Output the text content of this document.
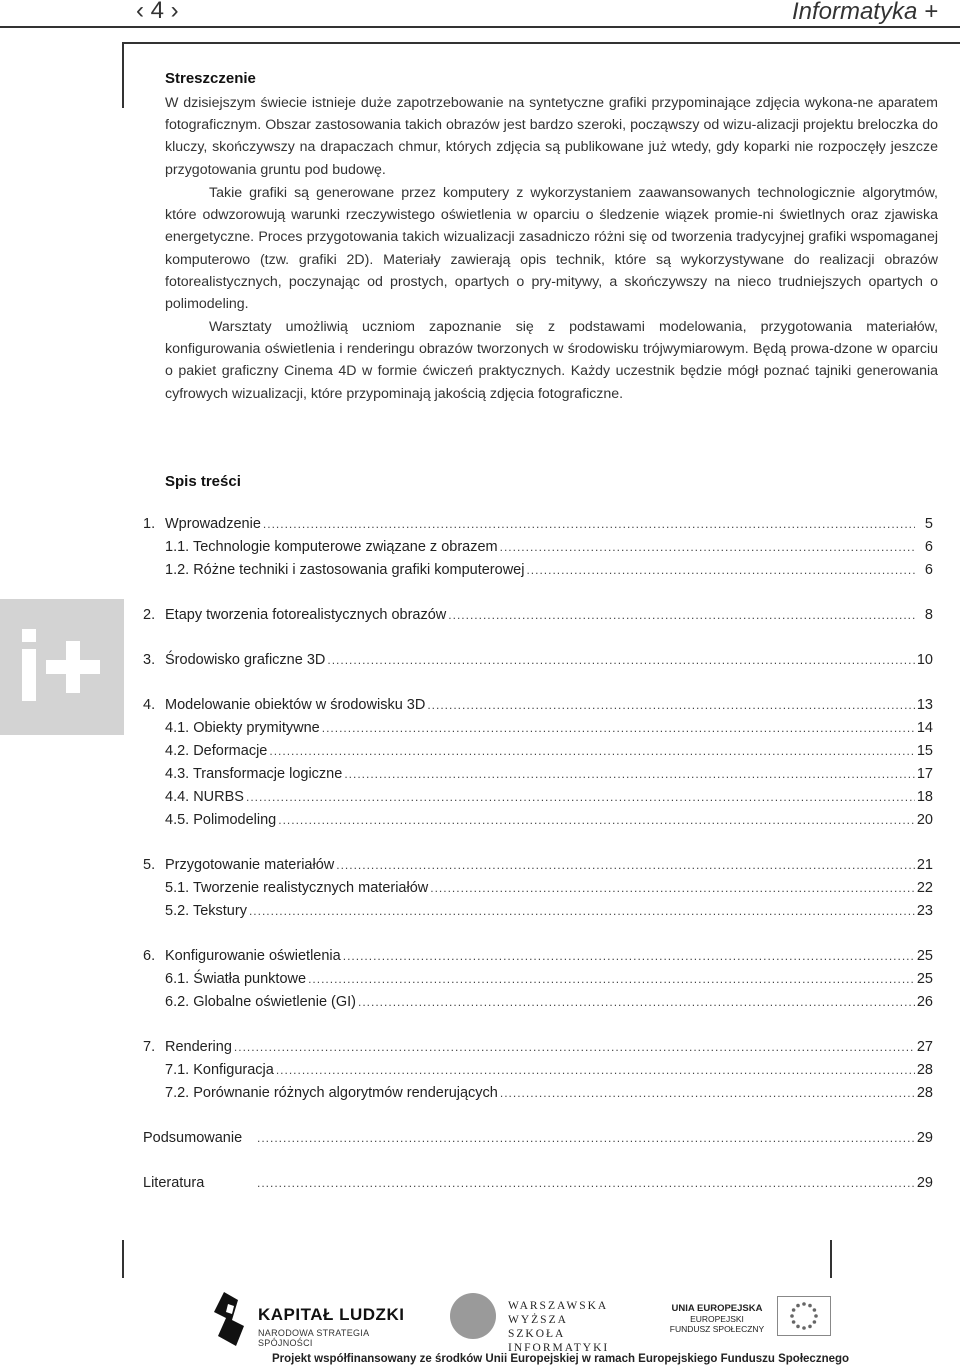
‹ 4 ›	Informatyka +
Streszczenie

W dzisiejszym świecie istnieje duże zapotrzebowanie na syntetyczne grafiki przypominające zdjęcia wykona-ne aparatem fotograficznym. Obszar zastosowania takich obrazów jest bardzo szeroki, począwszy od wizu-alizacji projektu breloczka do kluczy, skończywszy na drapaczach chmur, których zdjęcia są publikowane już wtedy, gdy koparki nie rozpoczęły jeszcze przygotowania gruntu pod budowę.

Takie grafiki są generowane przez komputery z wykorzystaniem zaawansowanych technologicznie algorytmów, które odwzorowują warunki rzeczywistego oświetlenia w oparciu o śledzenie wiązek promie-ni świetlnych oraz zjawiska energetyczne. Proces przygotowania takich wizualizacji zasadniczo różni się od tworzenia tradycyjnej grafiki wspomaganej komputerowo (tzw. grafiki 2D). Materiały zawierają opis technik, które są wykorzystywane do realizacji obrazów fotorealistycznych, poczynając od prostych, opartych o pry-mitywy, a skończywszy na nieco trudniejszych opartych o polimodeling.

Warsztaty umożliwią uczniom zapoznanie się z podstawami modelowania, przygotowania materiałów, konfigurowania oświetlenia i renderingu obrazów tworzonych w środowisku trójwymiarowym. Będą prowa-dzone w oparciu o pakiet graficzny Cinema 4D w formie ćwiczeń praktycznych. Każdy uczestnik będzie mógł poznać tajniki generowania cyfrowych wizualizacji, które przypominają jakością zdjęcia fotograficzne.

Spis treści
1. Wprowadzenie .....	5
1.1. Technologie komputerowe związane z obrazem .....	6
1.2. Różne techniki i zastosowania grafiki komputerowej .....	6
2. Etapy tworzenia fotorealistycznych obrazów .....	8
3. Środowisko graficzne 3D .....	10
4. Modelowanie obiektów w środowisku 3D .....	13
4.1. Obiekty prymitywne .....	14
4.2. Deformacje .....	15
4.3. Transformacje logiczne .....	17
4.4. NURBS .....	18
4.5. Polimodeling .....	20
5. Przygotowanie materiałów .....	21
5.1. Tworzenie realistycznych materiałów .....	22
5.2. Tekstury .....	23
6. Konfigurowanie oświetlenia .....	25
6.1. Światła punktowe .....	25
6.2. Globalne oświetlenie (GI) .....	26
7. Rendering .....	27
7.1. Konfiguracja .....	28
7.2. Porównanie różnych algorytmów renderujących .....	28
Podsumowanie .....	29
Literatura .....	29
KAPITAŁ LUDZKI
NARODOWA STRATEGIA SPÓJNOŚCI
WARSZAWSKA
WYŻSZA SZKOŁA
INFORMATYKI
UNIA EUROPEJSKA
EUROPEJSKI
FUNDUSZ SPOŁECZNY
Projekt współfinansowany ze środków Unii Europejskiej w ramach Europejskiego Funduszu Społecznego
